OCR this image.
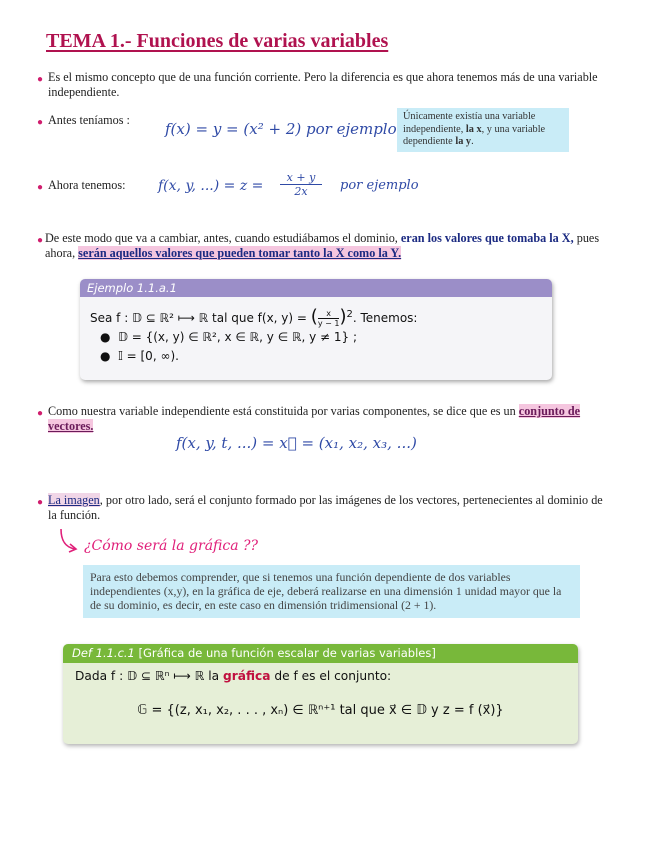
TEMA 1.- Funciones de varias variables
● Es el mismo concepto que de una función corriente. Pero la diferencia es que ahora tenemos más de una variable independiente.
● Antes teníamos : f(x) = y = (x² + 2) por ejemplo
Únicamente existía una variable independiente, la x, y una variable dependiente la y.
● Ahora tenemos: f(x, y, ...) = $z = \frac{x + y}{2x}$ por ejemplo
● De este modo que va a cambiar, antes, cuando estudiábamos el dominio, eran los valores que tomaba la X, pues ahora, serán aquellos valores que pueden tomar tanto la X como la Y.
Ejemplo 1.1.a.1
Sea f : 𝔻 ⊆ ℝ² ⟼ ℝ tal que f(x, y) = ( $\frac{x}{y - 1} )^2$. Tenemos:
●  𝔻 = {(x, y) ∈ ℝ², x ∈ ℝ, y ∈ ℝ, y ≠ 1} ;
●  𝕀 = [0, ∞).
● Como nuestra variable independiente está constituida por varias componentes, se dice que es un conjunto de vectores.
f(x, y, t, ...) = x⃗ = (x₁, x₂, x₃, ...)
● La imagen, por otro lado, será el conjunto formado por las imágenes de los vectores, pertenecientes al dominio de la función.
¿Cómo será la gráfica ??
Para esto debemos comprender, que si tenemos una función dependiente de dos variables independientes (x,y), en la gráfica de eje, deberá realizarse en una dimensión 1 unidad mayor que la de su dominio, es decir, en este caso en dimensión tridimensional (2 + 1).
Def 1.1.c.1 [Gráfica de una función escalar de varias variables]
Dada f : 𝔻 ⊆ ℝⁿ ⟼ ℝ la gráfica de f es el conjunto:
𝔾 = {(z, x₁, x₂, . . . , xₙ) ∈ ℝⁿ⁺¹ tal que x⃗ ∈ 𝔻 y z = f (x⃗)}
